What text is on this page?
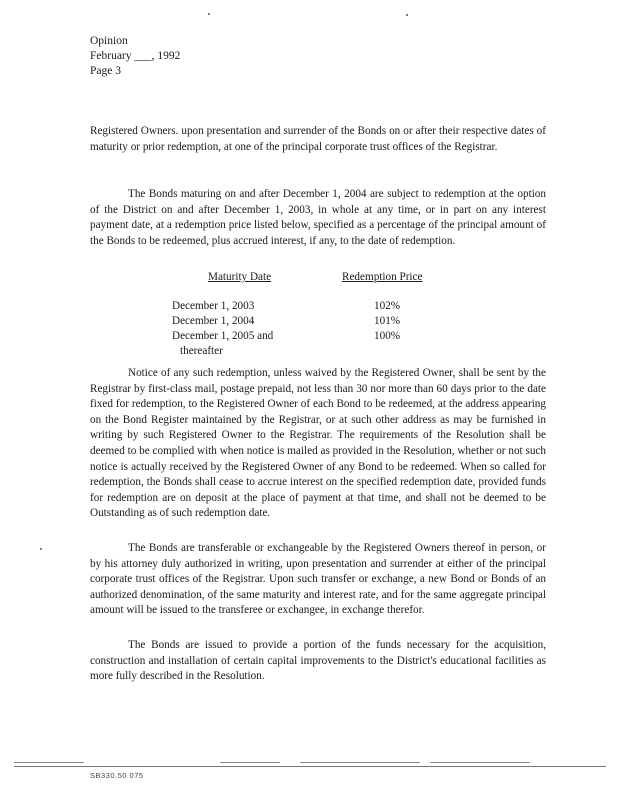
Opinion
February ___, 1992
Page 3

Registered Owners. upon presentation and surrender of the Bonds on or after their respective dates of maturity or prior redemption, at one of the principal corporate trust offices of the Registrar.

The Bonds maturing on and after December 1, 2004 are subject to redemption at the option of the District on and after December 1, 2003, in whole at any time, or in part on any interest payment date, at a redemption price listed below, specified as a percentage of the principal amount of the Bonds to be redeemed, plus accrued interest, if any, to the date of redemption.

Maturity Date	Redemption Price
December 1, 2003	102%
December 1, 2004	101%
December 1, 2005 and	100%
thereafter

Notice of any such redemption, unless waived by the Registered Owner, shall be sent by the Registrar by first-class mail, postage prepaid, not less than 30 nor more than 60 days prior to the date fixed for redemption, to the Registered Owner of each Bond to be redeemed, at the address appearing on the Bond Register maintained by the Registrar, or at such other address as may be furnished in writing by such Registered Owner to the Registrar. The requirements of the Resolution shall be deemed to be complied with when notice is mailed as provided in the Resolution, whether or not such notice is actually received by the Registered Owner of any Bond to be redeemed. When so called for redemption, the Bonds shall cease to accrue interest on the specified redemption date, provided funds for redemption are on deposit at the place of payment at that time, and shall not be deemed to be Outstanding as of such redemption date.

The Bonds are transferable or exchangeable by the Registered Owners thereof in person, or by his attorney duly authorized in writing, upon presentation and surrender at either of the principal corporate trust offices of the Registrar. Upon such transfer or exchange, a new Bond or Bonds of an authorized denomination, of the same maturity and interest rate, and for the same aggregate principal amount will be issued to the transferee or exchangee, in exchange therefor.

The Bonds are issued to provide a portion of the funds necessary for the acquisition, construction and installation of certain capital improvements to the District's educational facilities as more fully described in the Resolution.

SB330.50 075
